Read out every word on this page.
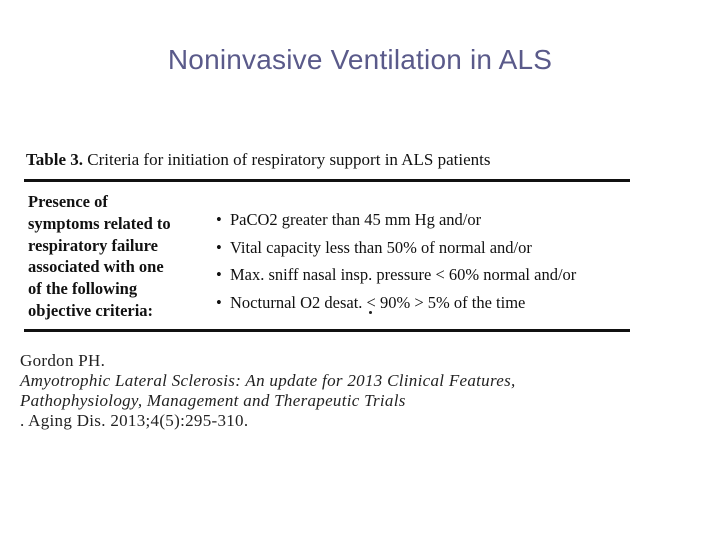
Noninvasive Ventilation in ALS
Table 3. Criteria for initiation of respiratory support in ALS patients
Presence of
symptoms related to
respiratory failure
associated with one
of the following
objective criteria:
• PaCO2 greater than 45 mm Hg and/or
• Vital capacity less than 50% of normal and/or
• Max. sniff nasal insp. pressure < 60% normal and/or
• Nocturnal O2 desat. < 90% > 5% of the time
Gordon PH.
Amyotrophic Lateral Sclerosis: An update for 2013 Clinical Features,
Pathophysiology, Management and Therapeutic Trials
. Aging Dis. 2013;4(5):295-310.
